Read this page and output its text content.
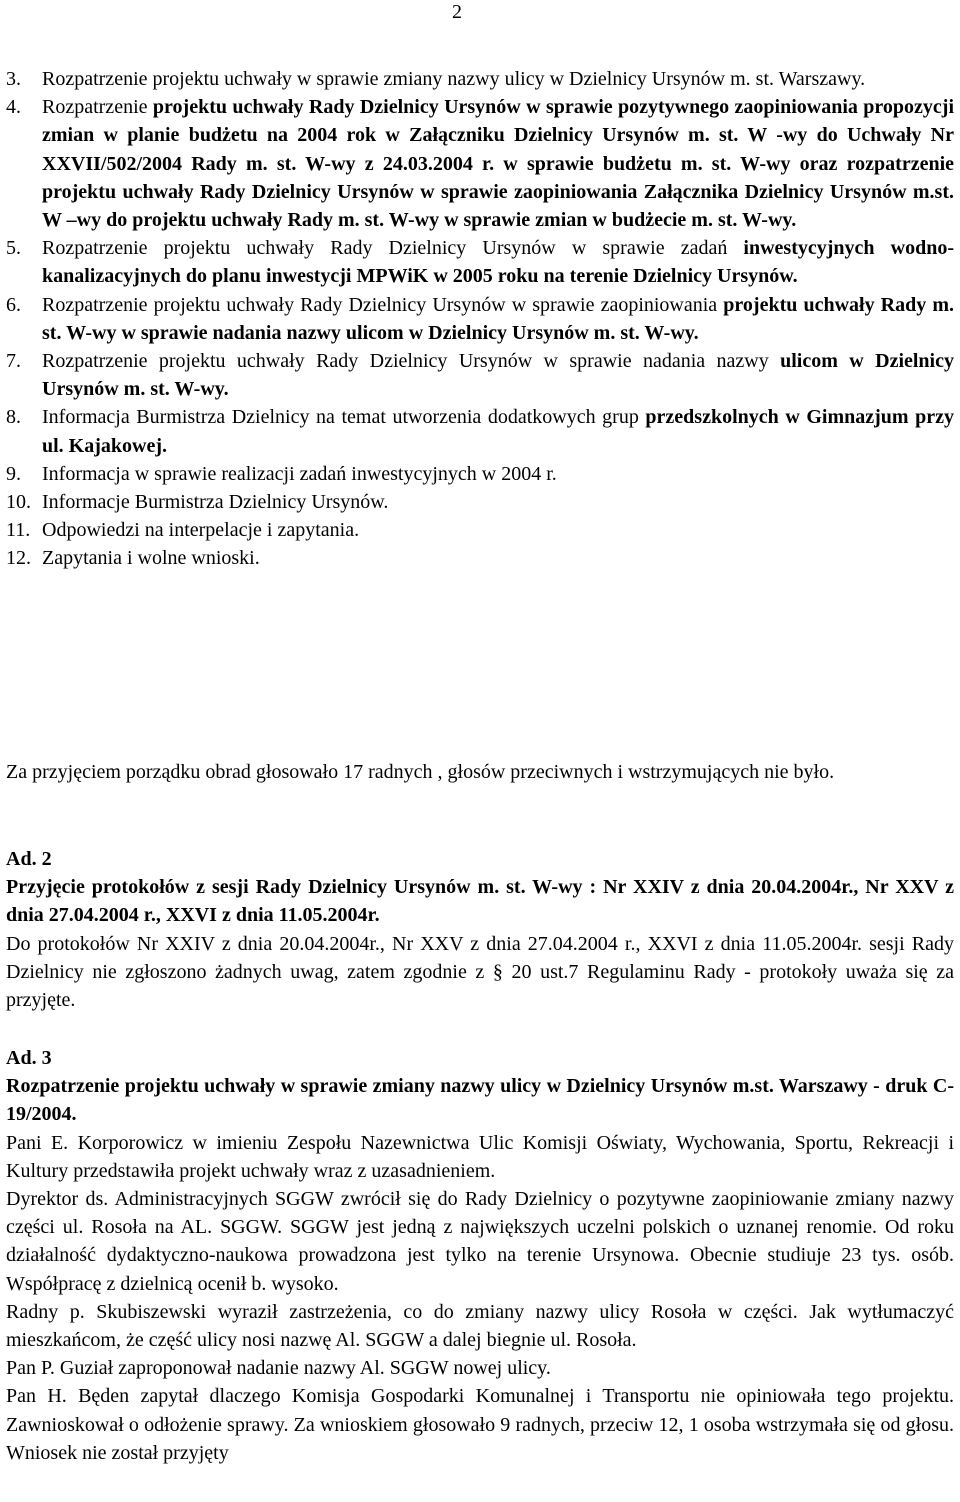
2
3. Rozpatrzenie projektu uchwały w sprawie zmiany nazwy ulicy w Dzielnicy Ursynów m. st. Warszawy.
4. Rozpatrzenie projektu uchwały Rady Dzielnicy Ursynów w sprawie pozytywnego zaopiniowania propozycji zmian w planie budżetu na 2004 rok w Załączniku Dzielnicy Ursynów m. st. W -wy do Uchwały Nr XXVII/502/2004 Rady m. st. W-wy z 24.03.2004 r. w sprawie budżetu m. st. W-wy oraz rozpatrzenie projektu uchwały Rady Dzielnicy Ursynów w sprawie zaopiniowania Załącznika Dzielnicy Ursynów m.st. W –wy do projektu uchwały Rady m. st. W-wy w sprawie zmian w budżecie m. st. W-wy.
5. Rozpatrzenie projektu uchwały Rady Dzielnicy Ursynów w sprawie zadań inwestycyjnych wodno-kanalizacyjnych do planu inwestycji MPWiK w 2005 roku na terenie Dzielnicy Ursynów.
6. Rozpatrzenie projektu uchwały Rady Dzielnicy Ursynów w sprawie zaopiniowania projektu uchwały Rady m. st. W-wy w sprawie nadania nazwy ulicom w Dzielnicy Ursynów m. st. W-wy.
7. Rozpatrzenie projektu uchwały Rady Dzielnicy Ursynów w sprawie nadania nazwy ulicom w Dzielnicy Ursynów m. st. W-wy.
8. Informacja Burmistrza Dzielnicy na temat utworzenia dodatkowych grup przedszkolnych w Gimnazjum przy ul. Kajakowej.
9. Informacja w sprawie realizacji zadań inwestycyjnych w 2004 r.
10. Informacje Burmistrza Dzielnicy Ursynów.
11. Odpowiedzi na interpelacje i zapytania.
12. Zapytania i wolne wnioski.

Za przyjęciem porządku obrad głosowało 17 radnych , głosów przeciwnych i wstrzymujących nie było.

Ad. 2

Przyjęcie protokołów z sesji Rady Dzielnicy Ursynów m. st. W-wy : Nr XXIV z dnia 20.04.2004r., Nr XXV z dnia 27.04.2004 r., XXVI z dnia 11.05.2004r.

Do protokołów Nr XXIV z dnia 20.04.2004r., Nr XXV z dnia 27.04.2004 r., XXVI z dnia 11.05.2004r. sesji Rady Dzielnicy nie zgłoszono żadnych uwag, zatem zgodnie z § 20 ust.7 Regulaminu Rady - protokoły uważa się za przyjęte.

Ad. 3

Rozpatrzenie projektu uchwały w sprawie zmiany nazwy ulicy w Dzielnicy Ursynów m.st. Warszawy - druk C-19/2004.

Pani E. Korporowicz w imieniu Zespołu Nazewnictwa Ulic Komisji Oświaty, Wychowania, Sportu, Rekreacji i Kultury przedstawiła projekt uchwały wraz z uzasadnieniem.

Dyrektor ds. Administracyjnych SGGW zwrócił się do Rady Dzielnicy o pozytywne zaopiniowanie zmiany nazwy części ul. Rosoła na AL. SGGW. SGGW jest jedną z największych uczelni polskich o uznanej renomie. Od roku działalność dydaktyczno-naukowa prowadzona jest tylko na terenie Ursynowa. Obecnie studiuje 23 tys. osób. Współpracę z dzielnicą ocenił b. wysoko.

Radny p. Skubiszewski wyraził zastrzeżenia, co do zmiany nazwy ulicy Rosoła w części. Jak wytłumaczyć mieszkańcom, że część ulicy nosi nazwę Al. SGGW a dalej biegnie ul. Rosoła.

Pan P. Guział zaproponował nadanie nazwy Al. SGGW nowej ulicy.

Pan H. Będen zapytał dlaczego Komisja Gospodarki Komunalnej i Transportu nie opiniowała tego projektu. Zawnioskował o odłożenie sprawy. Za wnioskiem głosowało 9 radnych, przeciw 12, 1 osoba wstrzymała się od głosu. Wniosek nie został przyjęty
